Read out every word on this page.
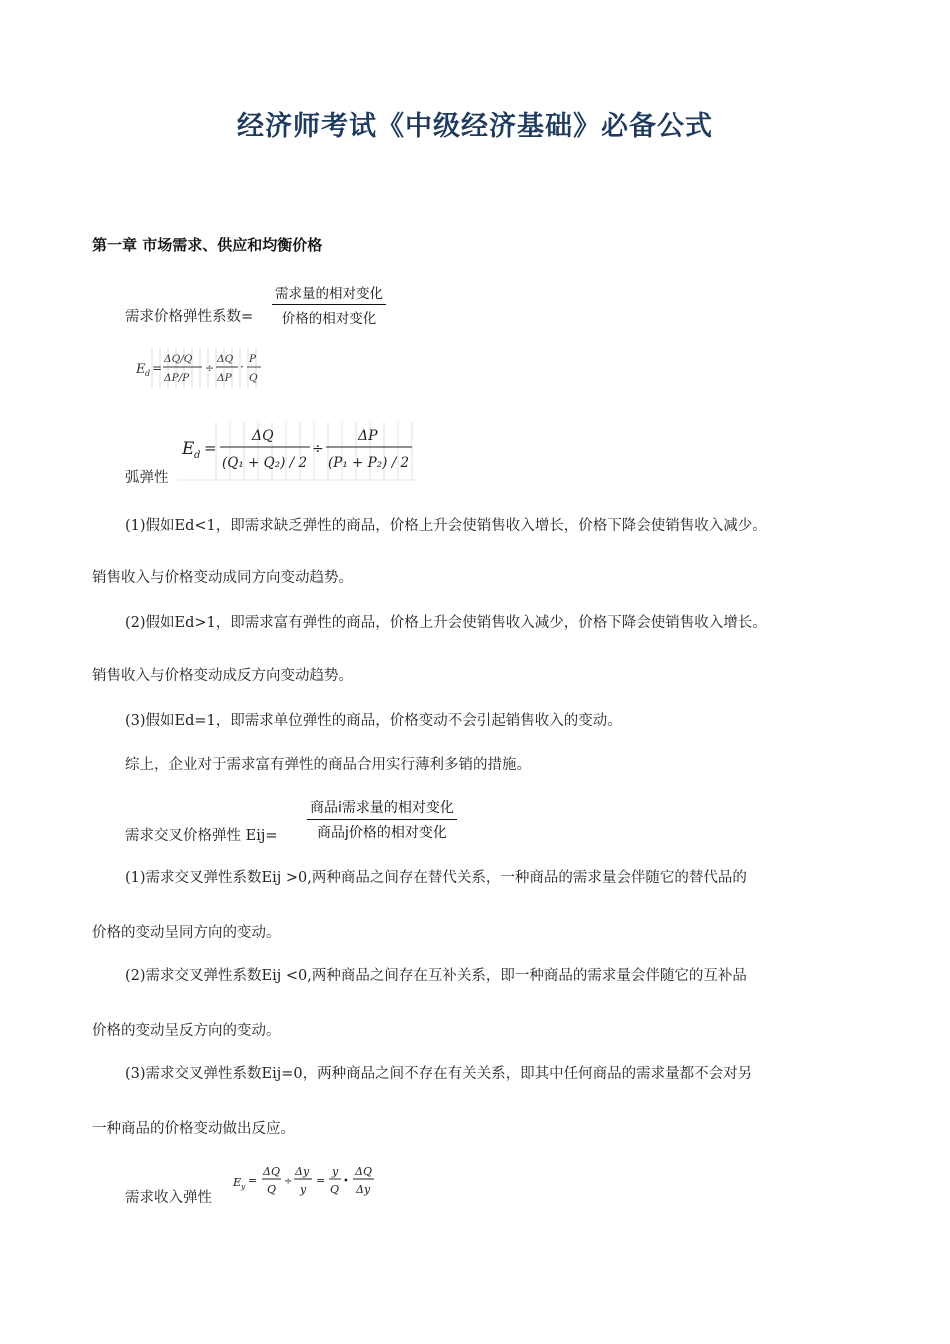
经济师考试《中级经济基础》必备公式
第一章 市场需求、供应和均衡价格
需求价格弹性系数=
需求量的相对变化
价格的相对变化
E d =
ΔQ/Q
ΔP/P
÷
ΔQ
ΔP
·
P
Q
弧弹性
E d =
ΔQ
(Q₁ + Q₂) / 2
÷
ΔP
(P₁ + P₂) / 2
(1)假如Ed<1，即需求缺乏弹性的商品，价格上升会使销售收入增长，价格下降会使销售收入减少。
销售收入与价格变动成同方向变动趋势。
(2)假如Ed>1，即需求富有弹性的商品，价格上升会使销售收入减少，价格下降会使销售收入增长。
销售收入与价格变动成反方向变动趋势。
(3)假如Ed=1，即需求单位弹性的商品，价格变动不会引起销售收入的变动。
综上，企业对于需求富有弹性的商品合用实行薄利多销的措施。
需求交叉价格弹性 Eij=
商品i需求量的相对变化
商品j价格的相对变化
(1)需求交叉弹性系数Eij >0,两种商品之间存在替代关系，一种商品的需求量会伴随它的替代品的
价格的变动呈同方向的变动。
(2)需求交叉弹性系数Eij <0,两种商品之间存在互补关系，即一种商品的需求量会伴随它的互补品
价格的变动呈反方向的变动。
(3)需求交叉弹性系数Eij=0，两种商品之间不存在有关关系，即其中任何商品的需求量都不会对另
一种商品的价格变动做出反应。
需求收入弹性
E y =
ΔQ
Q
÷
Δy
y
=
y
Q
•
ΔQ
Δy
